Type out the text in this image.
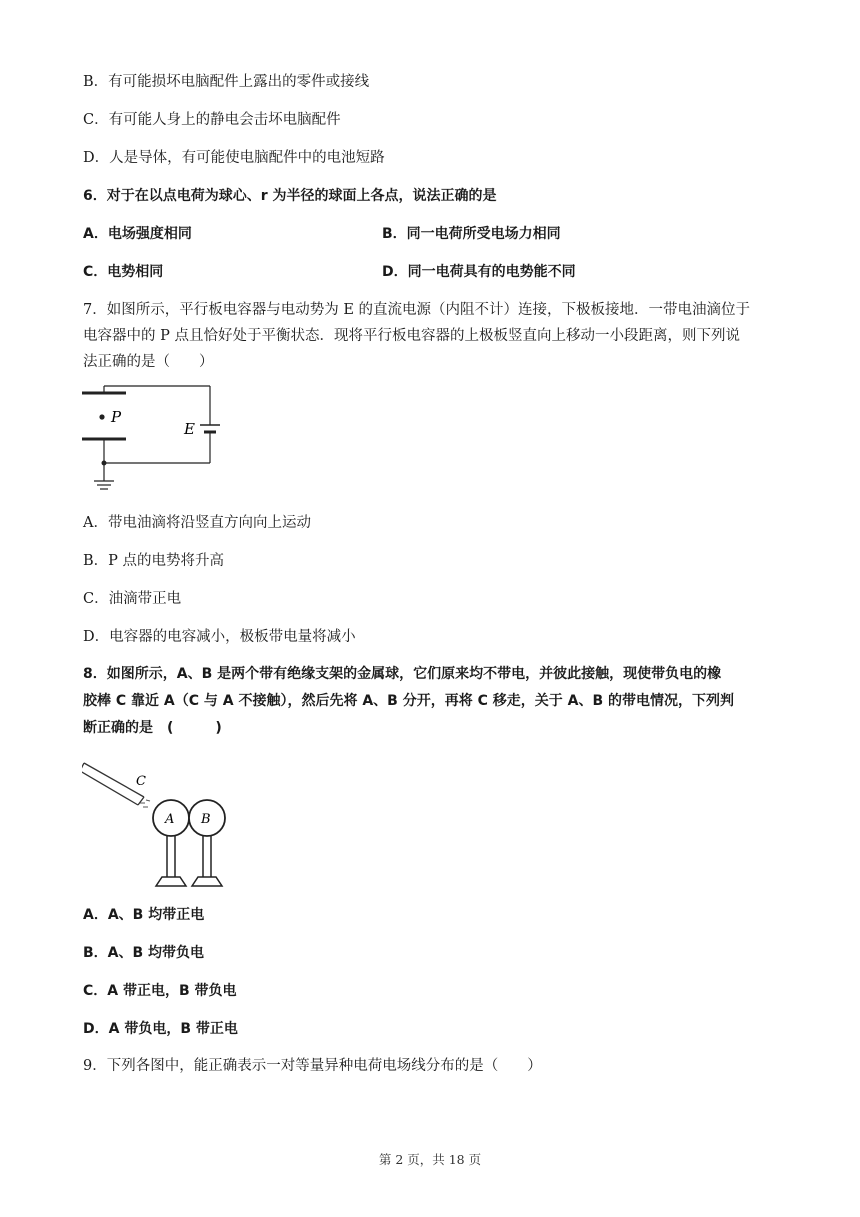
B．有可能损坏电脑配件上露出的零件或接线
C．有可能人身上的静电会击坏电脑配件
D．人是导体，有可能使电脑配件中的电池短路
6．对于在以点电荷为球心、r 为半径的球面上各点，说法正确的是
A．电场强度相同	B．同一电荷所受电场力相同
C．电势相同	D．同一电荷具有的电势能不同
7．如图所示，平行板电容器与电动势为 E 的直流电源（内阻不计）连接，下极板接地．一带电油滴位于
电容器中的 P 点且恰好处于平衡状态．现将平行板电容器的上极板竖直向上移动一小段距离，则下列说
法正确的是（　　）
P
E
A．带电油滴将沿竖直方向向上运动
B．P 点的电势将升高
C．油滴带正电
D．电容器的电容减小，极板带电量将减小
8．如图所示，A、B 是两个带有绝缘支架的金属球，它们原来均不带电，并彼此接触，现使带负电的橡
胶棒 C 靠近 A（C 与 A 不接触），然后先将 A、B 分开，再将 C 移走，关于 A、B 的带电情况，下列判
断正确的是　(　　　)
C
A B
A．A、B 均带正电
B．A、B 均带负电
C．A 带正电，B 带负电
D．A 带负电，B 带正电
9．下列各图中，能正确表示一对等量异种电荷电场线分布的是（　　）
第 2 页，共 18 页
